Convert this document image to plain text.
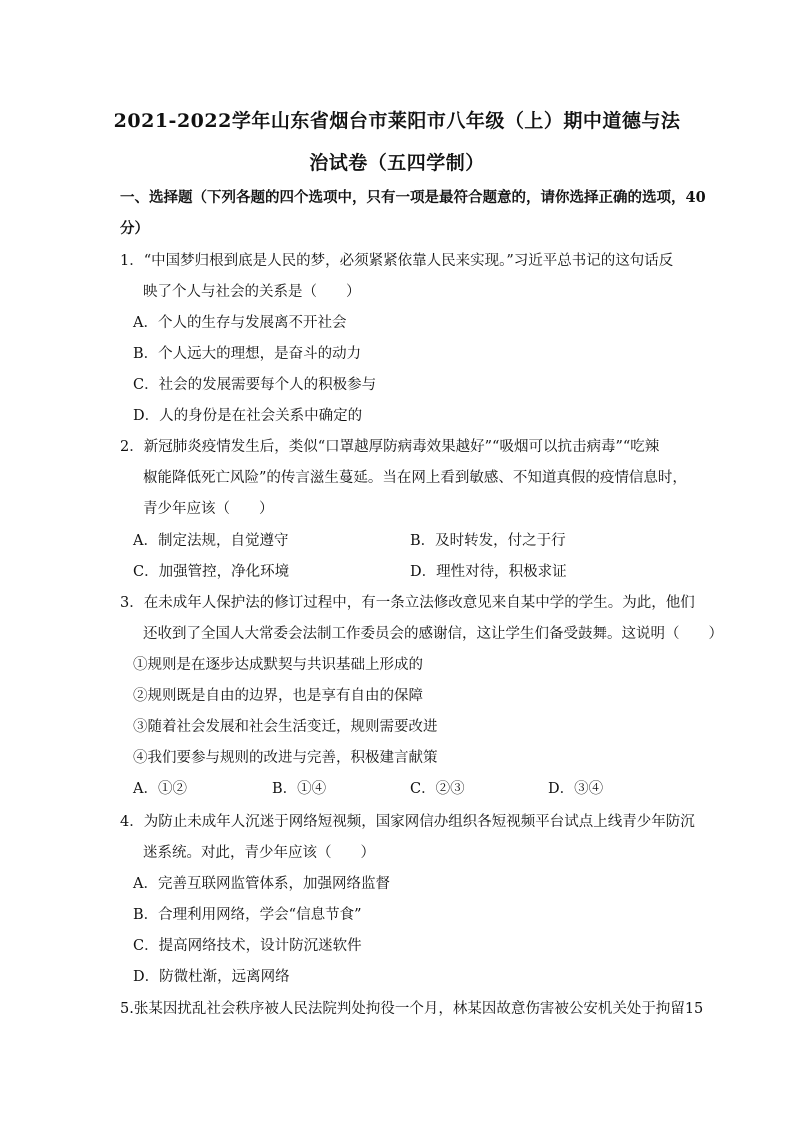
2021-2022学年山东省烟台市莱阳市八年级（上）期中道德与法
治试卷（五四学制）
一、选择题（下列各题的四个选项中，只有一项是最符合题意的，请你选择正确的选项，40
分）
1．“中国梦归根到底是人民的梦，必须紧紧依靠人民来实现。”习近平总书记的这句话反
映了个人与社会的关系是（　　）
A．个人的生存与发展离不开社会
B．个人远大的理想，是奋斗的动力
C．社会的发展需要每个人的积极参与
D．人的身份是在社会关系中确定的
2．新冠肺炎疫情发生后，类似“口罩越厚防病毒效果越好”“吸烟可以抗击病毒”“吃辣
椒能降低死亡风险”的传言滋生蔓延。当在网上看到敏感、不知道真假的疫情信息时，
青少年应该（　　）
A．制定法规，自觉遵守	B．及时转发，付之于行
C．加强管控，净化环境	D．理性对待，积极求证
3．在未成年人保护法的修订过程中，有一条立法修改意见来自某中学的学生。为此，他们
还收到了全国人大常委会法制工作委员会的感谢信，这让学生们备受鼓舞。这说明（　　）
①规则是在逐步达成默契与共识基础上形成的
②规则既是自由的边界，也是享有自由的保障
③随着社会发展和社会生活变迁，规则需要改进
④我们要参与规则的改进与完善，积极建言献策
A．①②	B．①④	C．②③	D．③④
4．为防止未成年人沉迷于网络短视频，国家网信办组织各短视频平台试点上线青少年防沉
迷系统。对此，青少年应该（　　）
A．完善互联网监管体系，加强网络监督
B．合理利用网络，学会“信息节食”
C．提高网络技术，设计防沉迷软件
D．防微杜渐，远离网络
5.张某因扰乱社会秩序被人民法院判处拘役一个月，林某因故意伤害被公安机关处于拘留15
